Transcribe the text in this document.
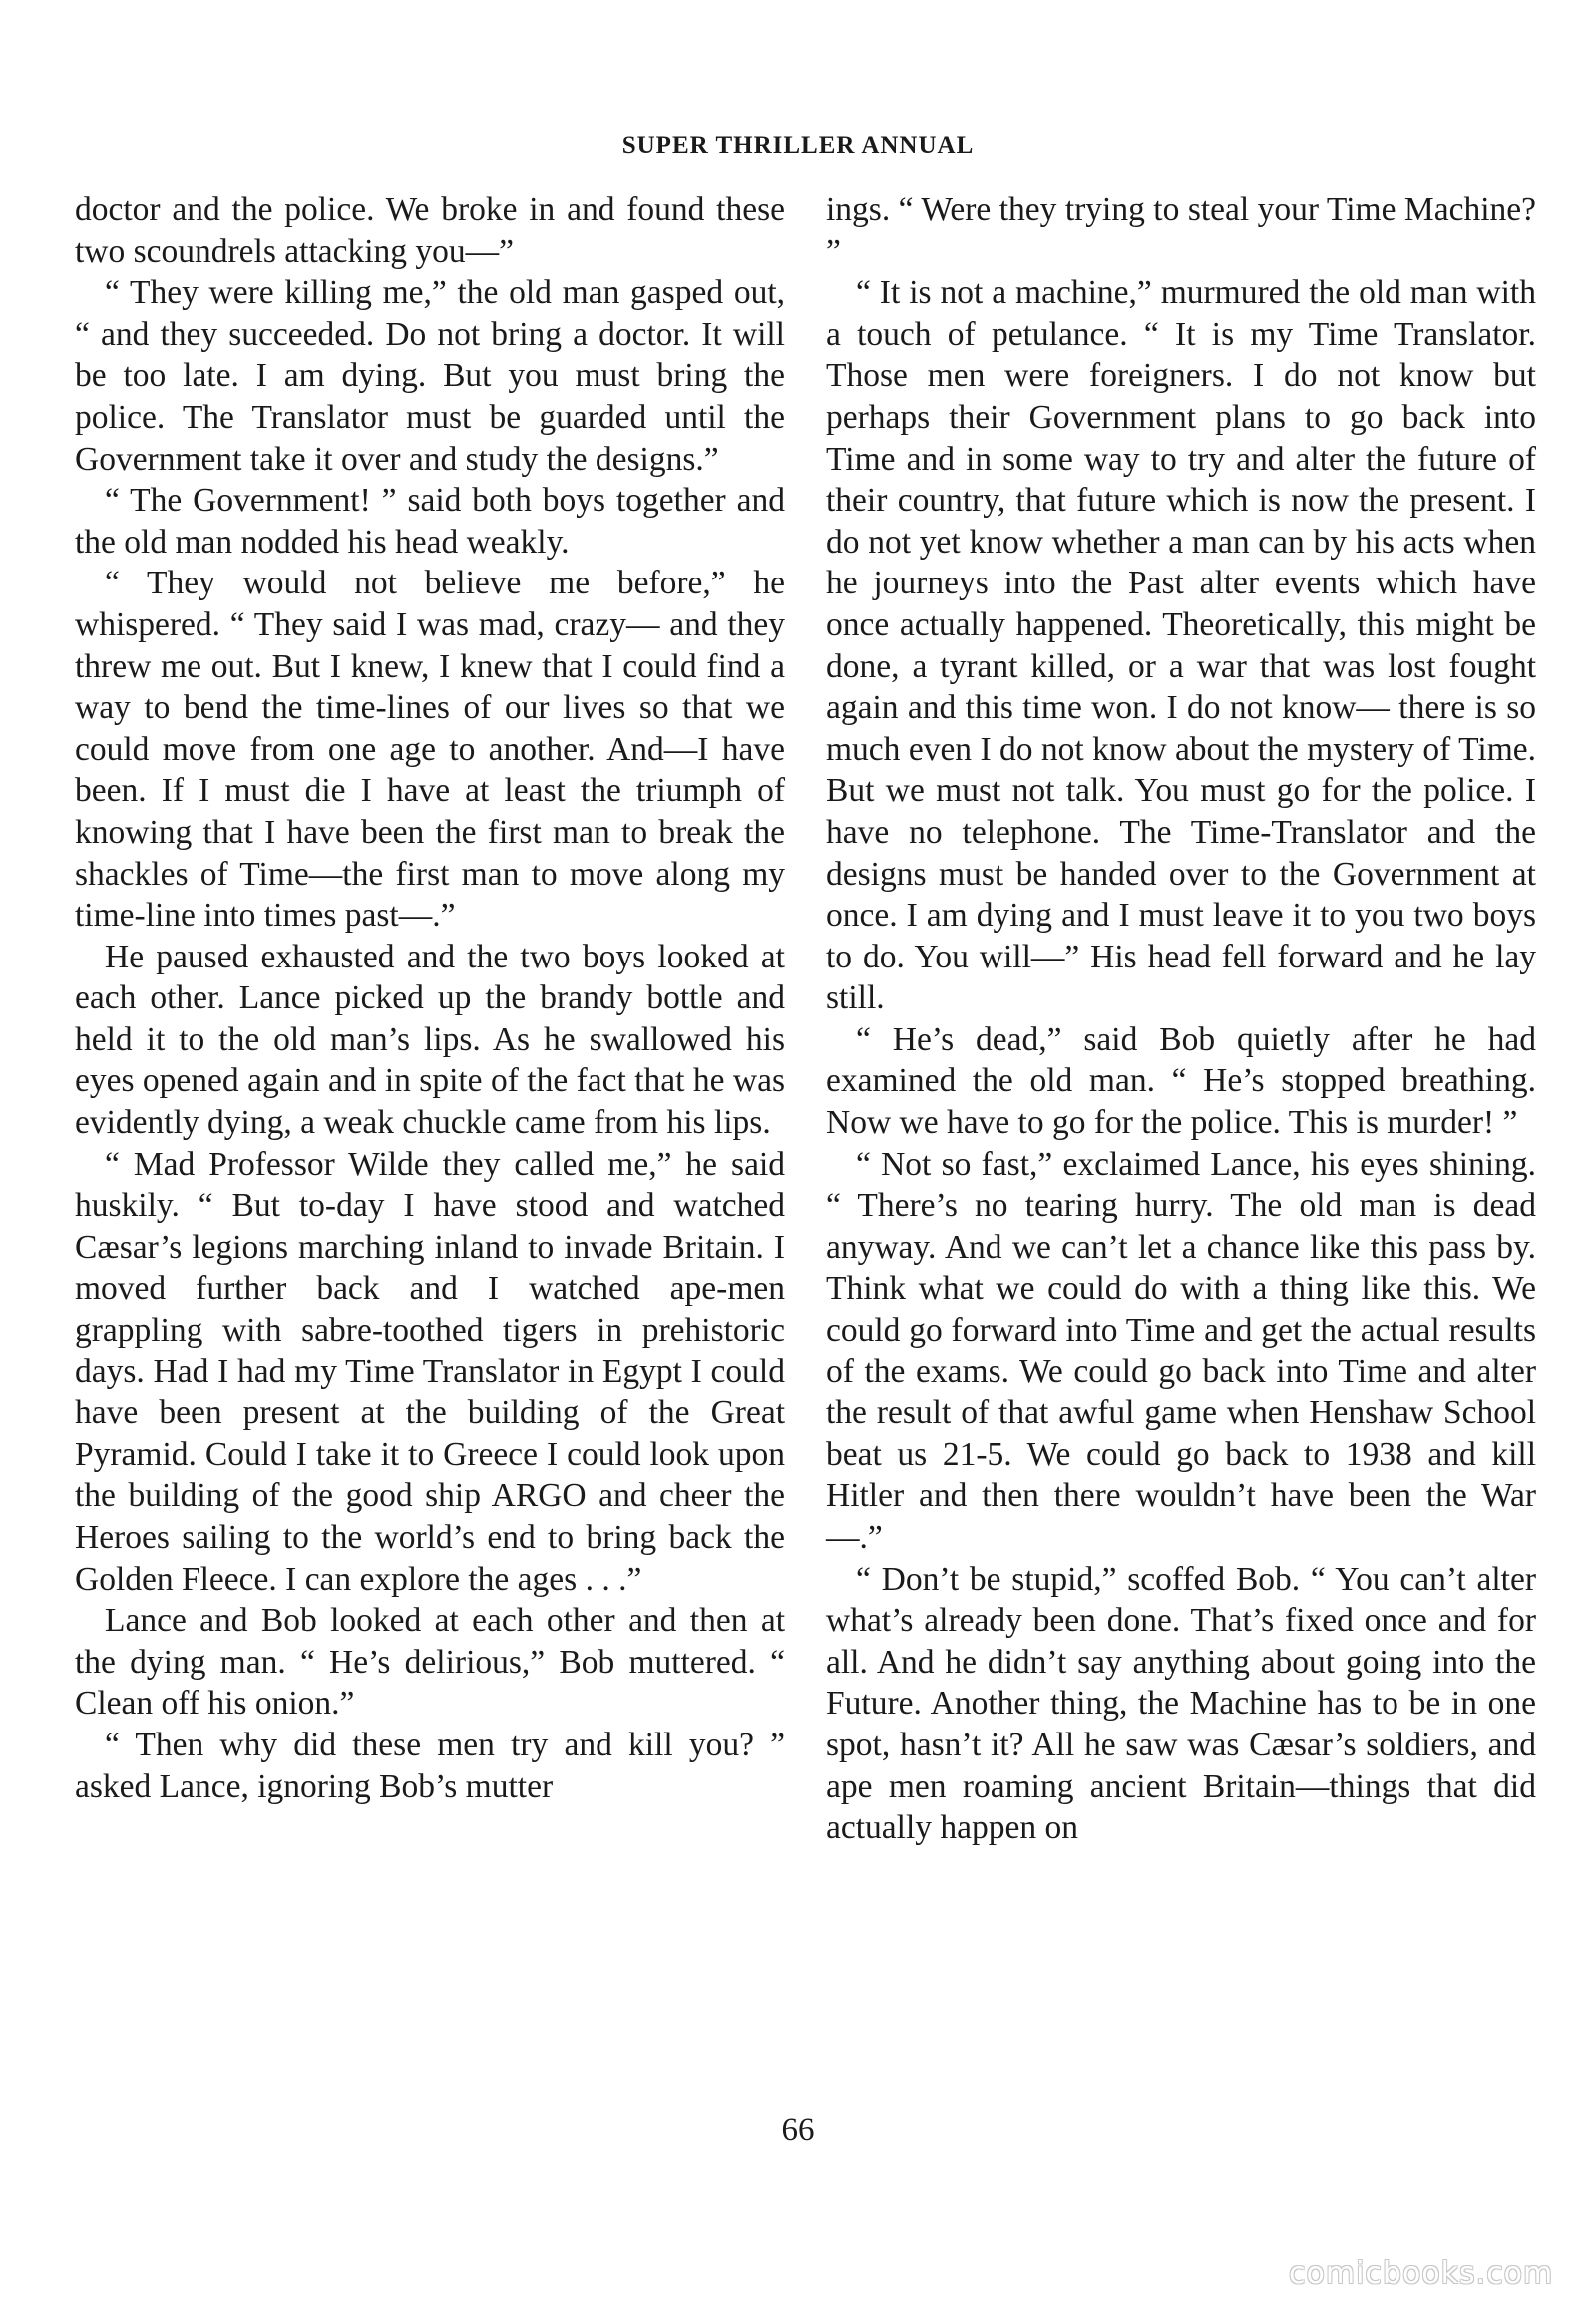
SUPER THRILLER ANNUAL

doctor and the police. We broke in and found these two scoundrels attacking you—”

“ They were killing me,” the old man gasped out, “ and they succeeded. Do not bring a doctor. It will be too late. I am dying. But you must bring the police. The Translator must be guarded until the Government take it over and study the designs.”

“ The Government! ” said both boys together and the old man nodded his head weakly.

“ They would not believe me before,” he whispered. “ They said I was mad, crazy— and they threw me out. But I knew, I knew that I could find a way to bend the time-lines of our lives so that we could move from one age to another. And—I have been. If I must die I have at least the triumph of knowing that I have been the first man to break the shackles of Time—the first man to move along my time-line into times past—.”

He paused exhausted and the two boys looked at each other. Lance picked up the brandy bottle and held it to the old man’s lips. As he swallowed his eyes opened again and in spite of the fact that he was evidently dying, a weak chuckle came from his lips.

“ Mad Professor Wilde they called me,” he said huskily. “ But to-day I have stood and watched Cæsar’s legions marching inland to invade Britain. I moved further back and I watched ape-men grappling with sabre-toothed tigers in prehistoric days. Had I had my Time Translator in Egypt I could have been present at the building of the Great Pyramid. Could I take it to Greece I could look upon the building of the good ship ARGO and cheer the Heroes sailing to the world’s end to bring back the Golden Fleece. I can explore the ages . . .”

Lance and Bob looked at each other and then at the dying man. “ He’s delirious,” Bob muttered. “ Clean off his onion.”

“ Then why did these men try and kill you? ” asked Lance, ignoring Bob’s mutter

ings. “ Were they trying to steal your Time Machine? ”

“ It is not a machine,” murmured the old man with a touch of petulance. “ It is my Time Translator. Those men were foreigners. I do not know but perhaps their Government plans to go back into Time and in some way to try and alter the future of their country, that future which is now the present. I do not yet know whether a man can by his acts when he journeys into the Past alter events which have once actually happened. Theoretically, this might be done, a tyrant killed, or a war that was lost fought again and this time won. I do not know— there is so much even I do not know about the mystery of Time. But we must not talk. You must go for the police. I have no telephone. The Time-Translator and the designs must be handed over to the Government at once. I am dying and I must leave it to you two boys to do. You will—” His head fell forward and he lay still.

“ He’s dead,” said Bob quietly after he had examined the old man. “ He’s stopped breathing. Now we have to go for the police. This is murder! ”

“ Not so fast,” exclaimed Lance, his eyes shining. “ There’s no tearing hurry. The old man is dead anyway. And we can’t let a chance like this pass by. Think what we could do with a thing like this. We could go forward into Time and get the actual results of the exams. We could go back into Time and alter the result of that awful game when Henshaw School beat us 21-5. We could go back to 1938 and kill Hitler and then there wouldn’t have been the War—.”

“ Don’t be stupid,” scoffed Bob. “ You can’t alter what’s already been done. That’s fixed once and for all. And he didn’t say anything about going into the Future. Another thing, the Machine has to be in one spot, hasn’t it? All he saw was Cæsar’s soldiers, and ape men roaming ancient Britain—things that did actually happen on

66
comicbooks.com
